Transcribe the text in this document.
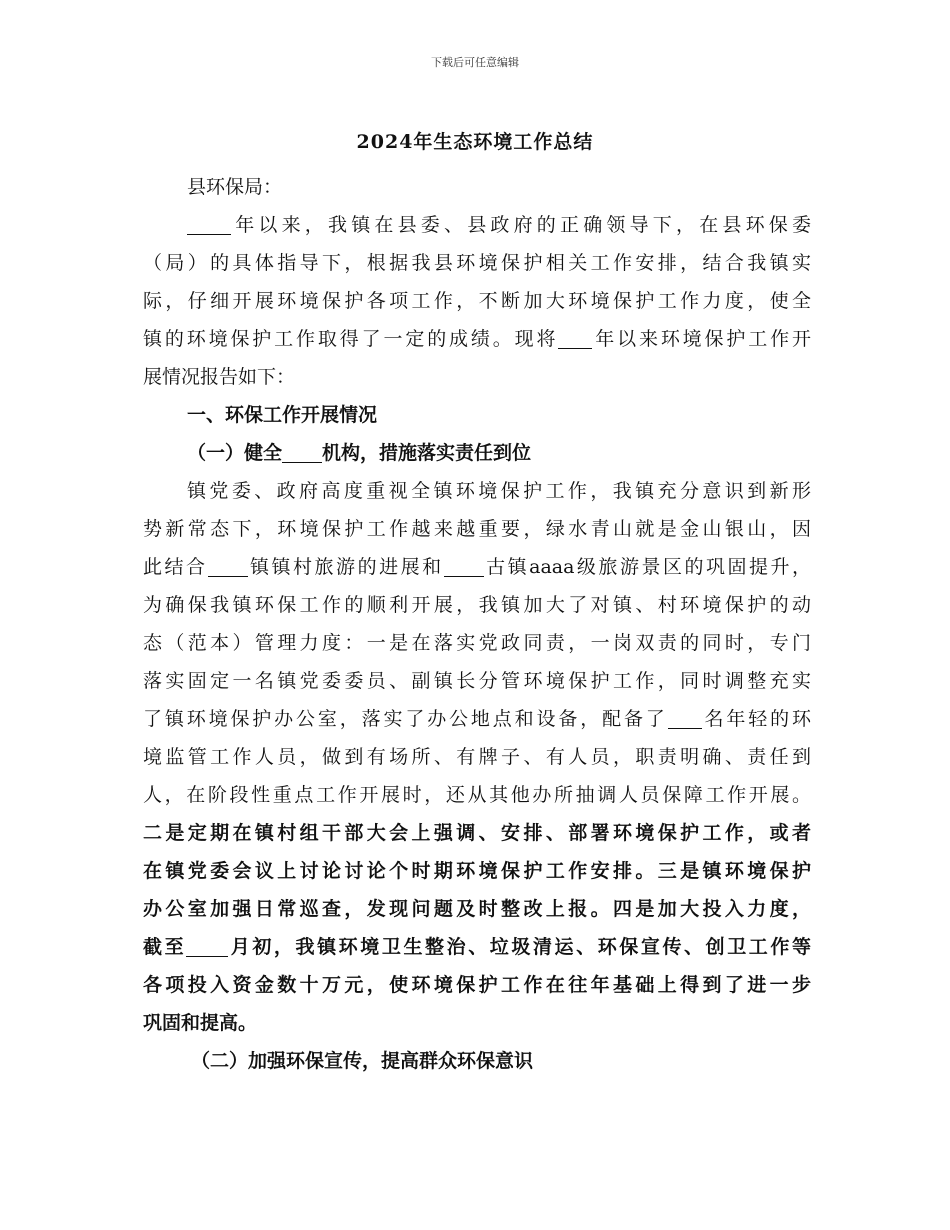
下载后可任意编辑
2024年生态环境工作总结
县环保局：
年以来，我镇在县委、县政府的正确领导下，在县环保委
（局）的具体指导下，根据我县环境保护相关工作安排，结合我镇实
际，仔细开展环境保护各项工作，不断加大环境保护工作力度，使全
镇的环境保护工作取得了一定的成绩。现将 年以来环境保护工作开
展情况报告如下：
一、环保工作开展情况
（一）健全 机构，措施落实责任到位
镇党委、政府高度重视全镇环境保护工作，我镇充分意识到新形
势新常态下，环境保护工作越来越重要，绿水青山就是金山银山，因
此结合 镇镇村旅游的进展和 古镇aaaa级旅游景区的巩固提升，
为确保我镇环保工作的顺利开展，我镇加大了对镇、村环境保护的动
态（范本）管理力度：一是在落实党政同责，一岗双责的同时，专门
落实固定一名镇党委委员、副镇长分管环境保护工作，同时调整充实
了镇环境保护办公室，落实了办公地点和设备，配备了 名年轻的环
境监管工作人员，做到有场所、有牌子、有人员，职责明确、责任到
人，在阶段性重点工作开展时，还从其他办所抽调人员保障工作开展。
二是定期在镇村组干部大会上强调、安排、部署环境保护工作，或者
在镇党委会议上讨论讨论个时期环境保护工作安排。三是镇环境保护
办公室加强日常巡查，发现问题及时整改上报。四是加大投入力度，
截至 月初，我镇环境卫生整治、垃圾清运、环保宣传、创卫工作等
各项投入资金数十万元，使环境保护工作在往年基础上得到了进一步
巩固和提高。
（二）加强环保宣传，提高群众环保意识
